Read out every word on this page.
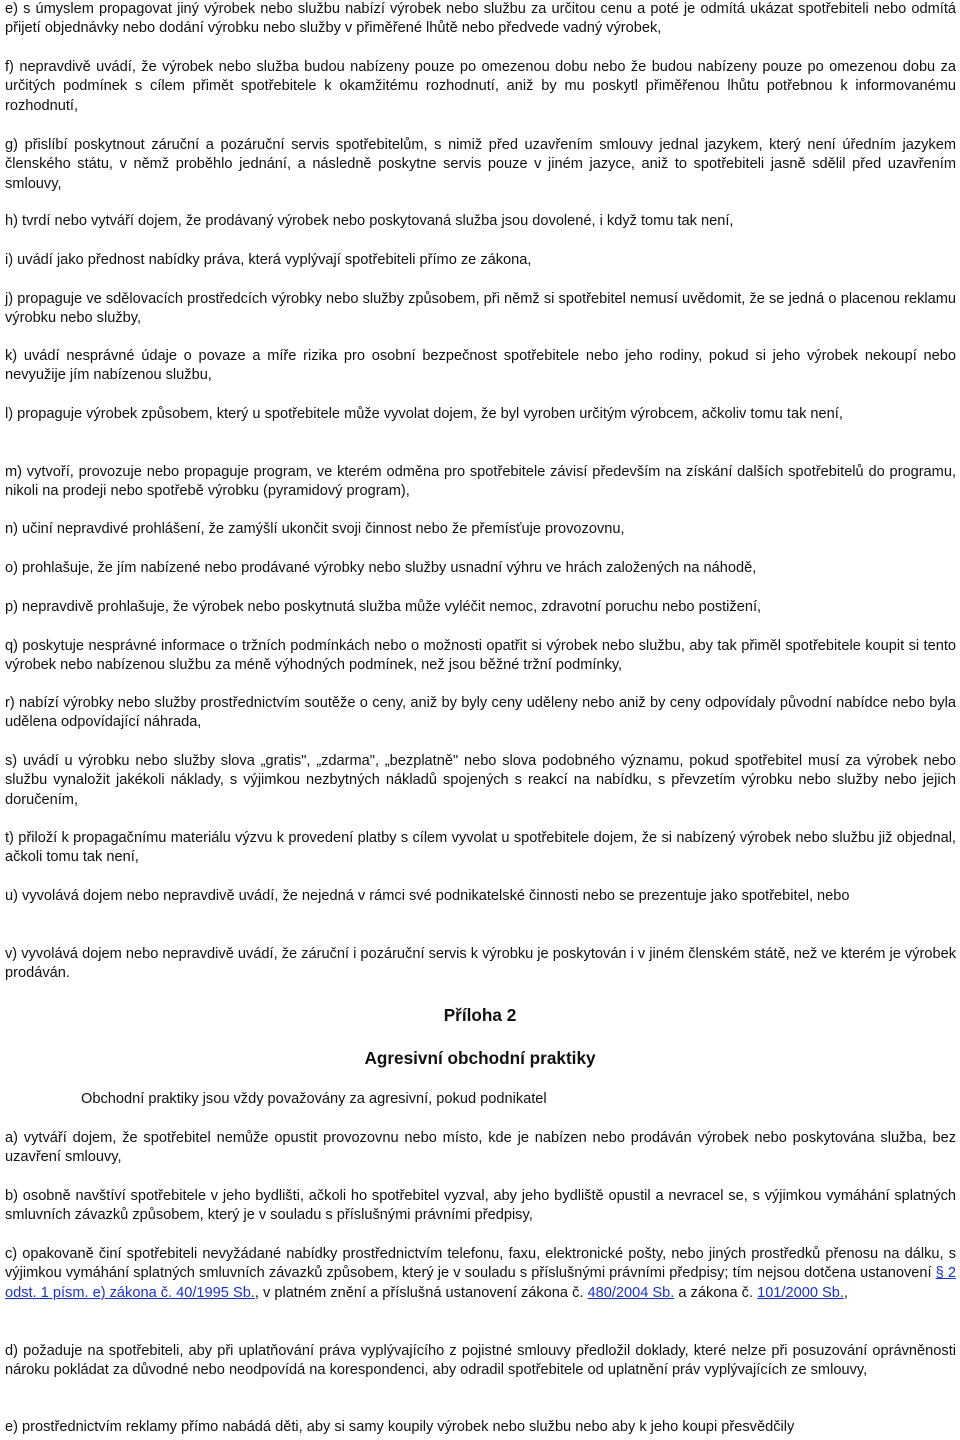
e) s úmyslem propagovat jiný výrobek nebo službu nabízí výrobek nebo službu za určitou cenu a poté je odmítá ukázat spotřebiteli nebo odmítá přijetí objednávky nebo dodání výrobku nebo služby v přiměřené lhůtě nebo předvede vadný výrobek,

f) nepravdivě uvádí, že výrobek nebo služba budou nabízeny pouze po omezenou dobu nebo že budou nabízeny pouze po omezenou dobu za určitých podmínek s cílem přimět spotřebitele k okamžitému rozhodnutí, aniž by mu poskytl přiměřenou lhůtu potřebnou k informovanému rozhodnutí,

g) přislíbí poskytnout záruční a pozáruční servis spotřebitelům, s nimiž před uzavřením smlouvy jednal jazykem, který není úředním jazykem členského státu, v němž proběhlo jednání, a následně poskytne servis pouze v jiném jazyce, aniž to spotřebiteli jasně sdělil před uzavřením smlouvy,

h) tvrdí nebo vytváří dojem, že prodávaný výrobek nebo poskytovaná služba jsou dovolené, i když tomu tak není,

i) uvádí jako přednost nabídky práva, která vyplývají spotřebiteli přímo ze zákona,

j) propaguje ve sdělovacích prostředcích výrobky nebo služby způsobem, při němž si spotřebitel nemusí uvědomit, že se jedná o placenou reklamu výrobku nebo služby,

k) uvádí nesprávné údaje o povaze a míře rizika pro osobní bezpečnost spotřebitele nebo jeho rodiny, pokud si jeho výrobek nekoupí nebo nevyužije jím nabízenou službu,

l) propaguje výrobek způsobem, který u spotřebitele může vyvolat dojem, že byl vyroben určitým výrobcem, ačkoliv tomu tak není,

m) vytvoří, provozuje nebo propaguje program, ve kterém odměna pro spotřebitele závisí především na získání dalších spotřebitelů do programu, nikoli na prodeji nebo spotřebě výrobku (pyramidový program),

n) učiní nepravdivé prohlášení, že zamýšlí ukončit svoji činnost nebo že přemísťuje provozovnu,

o) prohlašuje, že jím nabízené nebo prodávané výrobky nebo služby usnadní výhru ve hrách založených na náhodě,

p) nepravdivě prohlašuje, že výrobek nebo poskytnutá služba může vyléčit nemoc, zdravotní poruchu nebo postižení,

q) poskytuje nesprávné informace o tržních podmínkách nebo o možnosti opatřit si výrobek nebo službu, aby tak přiměl spotřebitele koupit si tento výrobek nebo nabízenou službu za méně výhodných podmínek, než jsou běžné tržní podmínky,

r) nabízí výrobky nebo služby prostřednictvím soutěže o ceny, aniž by byly ceny uděleny nebo aniž by ceny odpovídaly původní nabídce nebo byla udělena odpovídající náhrada,

s) uvádí u výrobku nebo služby slova „gratis", „zdarma", „bezplatně" nebo slova podobného významu, pokud spotřebitel musí za výrobek nebo službu vynaložit jakékoli náklady, s výjimkou nezbytných nákladů spojených s reakcí na nabídku, s převzetím výrobku nebo služby nebo jejich doručením,

t) přiloží k propagačnímu materiálu výzvu k provedení platby s cílem vyvolat u spotřebitele dojem, že si nabízený výrobek nebo službu již objednal, ačkoli tomu tak není,

u) vyvolává dojem nebo nepravdivě uvádí, že nejedná v rámci své podnikatelské činnosti nebo se prezentuje jako spotřebitel, nebo

v) vyvolává dojem nebo nepravdivě uvádí, že záruční i pozáruční servis k výrobku je poskytován i v jiném členském státě, než ve kterém je výrobek prodáván.

Příloha 2
Agresivní obchodní praktiky

Obchodní praktiky jsou vždy považovány za agresivní, pokud podnikatel

a) vytváří dojem, že spotřebitel nemůže opustit provozovnu nebo místo, kde je nabízen nebo prodáván výrobek nebo poskytována služba, bez uzavření smlouvy,

b) osobně navštíví spotřebitele v jeho bydlišti, ačkoli ho spotřebitel vyzval, aby jeho bydliště opustil a nevracel se, s výjimkou vymáhání splatných smluvních závazků způsobem, který je v souladu s příslušnými právními předpisy,

c) opakovaně činí spotřebiteli nevyžádané nabídky prostřednictvím telefonu, faxu, elektronické pošty, nebo jiných prostředků přenosu na dálku, s výjimkou vymáhání splatných smluvních závazků způsobem, který je v souladu s příslušnými právními předpisy; tím nejsou dotčena ustanovení § 2 odst. 1 písm. e) zákona č. 40/1995 Sb., v platném znění a příslušná ustanovení zákona č. 480/2004 Sb. a zákona č. 101/2000 Sb.,

d) požaduje na spotřebiteli, aby při uplatňování práva vyplývajícího z pojistné smlouvy předložil doklady, které nelze při posuzování oprávněnosti nároku pokládat za důvodné nebo neodpovídá na korespondenci, aby odradil spotřebitele od uplatnění práv vyplývajících ze smlouvy,

e) prostřednictvím reklamy přímo nabádá děti, aby si samy koupily výrobek nebo službu nebo aby k jeho koupi přesvědčily
